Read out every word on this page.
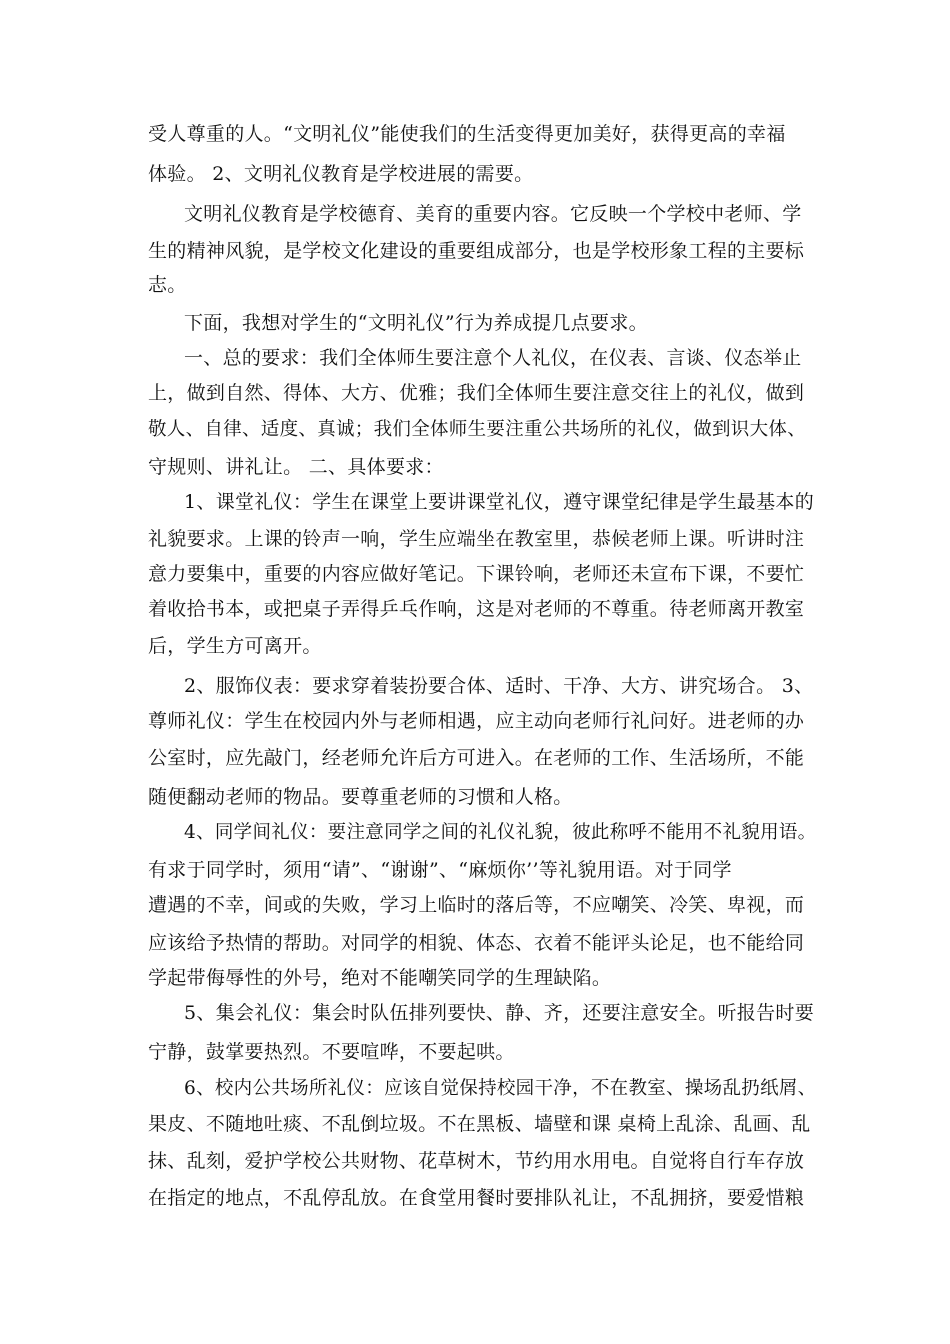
受人尊重的人。“文明礼仪”能使我们的生活变得更加美好，获得更高的幸福
体验。 2、文明礼仪教育是学校进展的需要。
文明礼仪教育是学校德育、美育的重要内容。它反映一个学校中老师、学
生的精神风貌，是学校文化建设的重要组成部分，也是学校形象工程的主要标
志。
下面，我想对学生的“文明礼仪”行为养成提几点要求。
一、总的要求：我们全体师生要注意个人礼仪，在仪表、言谈、仪态举止
上，做到自然、得体、大方、优雅；我们全体师生要注意交往上的礼仪，做到
敬人、自律、适度、真诚；我们全体师生要注重公共场所的礼仪，做到识大体、
守规则、讲礼让。 二、具体要求：
1、课堂礼仪：学生在课堂上要讲课堂礼仪，遵守课堂纪律是学生最基本的
礼貌要求。上课的铃声一响，学生应端坐在教室里，恭候老师上课。听讲时注
意力要集中，重要的内容应做好笔记。下课铃响，老师还未宣布下课，不要忙
着收拾书本，或把桌子弄得乒乓作响，这是对老师的不尊重。待老师离开教室
后，学生方可离开。
2、服饰仪表：要求穿着装扮要合体、适时、干净、大方、讲究场合。 3、
尊师礼仪：学生在校园内外与老师相遇，应主动向老师行礼问好。进老师的办
公室时，应先敲门，经老师允许后方可进入。在老师的工作、生活场所，不能
随便翻动老师的物品。要尊重老师的习惯和人格。
4、同学间礼仪：要注意同学之间的礼仪礼貌，彼此称呼不能用不礼貌用语。
有求于同学时，须用“请”、“谢谢”、“麻烦你’’等礼貌用语。对于同学
遭遇的不幸，间或的失败，学习上临时的落后等，不应嘲笑、冷笑、卑视，而
应该给予热情的帮助。对同学的相貌、体态、衣着不能评头论足，也不能给同
学起带侮辱性的外号，绝对不能嘲笑同学的生理缺陷。
5、集会礼仪：集会时队伍排列要快、静、齐，还要注意安全。听报告时要
宁静，鼓掌要热烈。不要喧哗，不要起哄。
6、校内公共场所礼仪：应该自觉保持校园干净，不在教室、操场乱扔纸屑、
果皮、不随地吐痰、不乱倒垃圾。不在黑板、墙壁和课 桌椅上乱涂、乱画、乱
抹、乱刻，爱护学校公共财物、花草树木，节约用水用电。自觉将自行车存放
在指定的地点，不乱停乱放。在食堂用餐时要排队礼让，不乱拥挤，要爱惜粮
